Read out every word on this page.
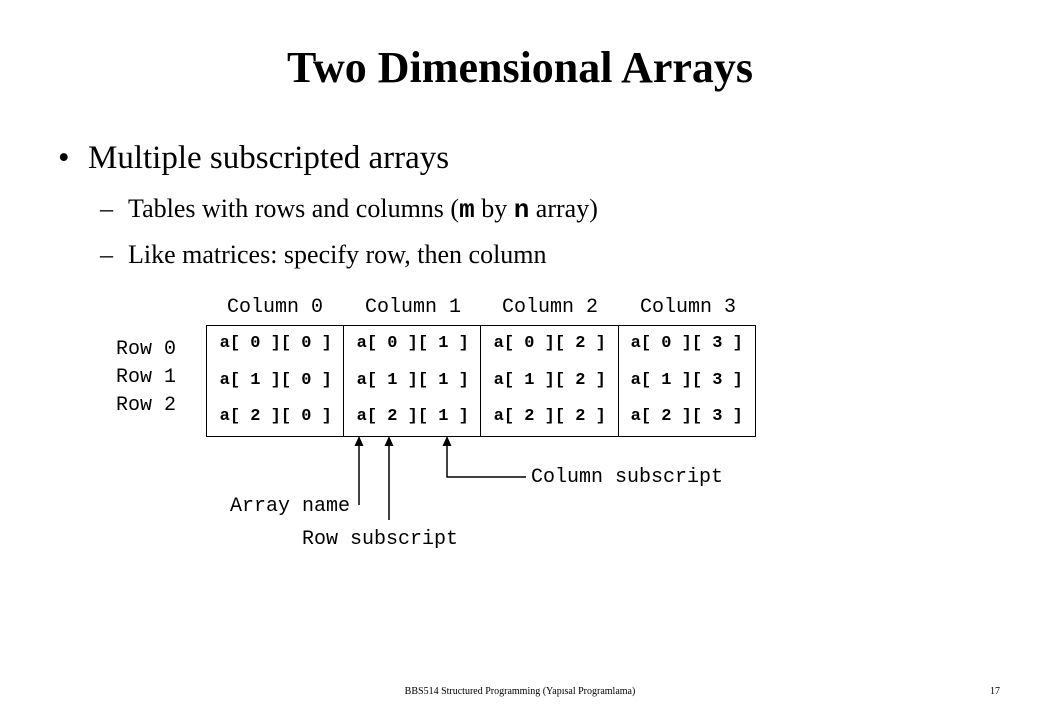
Two Dimensional Arrays
• Multiple subscripted arrays
– Tables with rows and columns (m by n array)
– Like matrices: specify row, then column
Column 0	Column 1	Column 2	Column 3
Row 0
Row 1
Row 2
a[ 0 ][ 0 ]	a[ 0 ][ 1 ]	a[ 0 ][ 2 ]	a[ 0 ][ 3 ]
a[ 1 ][ 0 ]	a[ 1 ][ 1 ]	a[ 1 ][ 2 ]	a[ 1 ][ 3 ]
a[ 2 ][ 0 ]	a[ 2 ][ 1 ]	a[ 2 ][ 2 ]	a[ 2 ][ 3 ]
Column subscript
Array name
Row subscript
BBS514 Structured Programming (Yapısal Programlama)	17
